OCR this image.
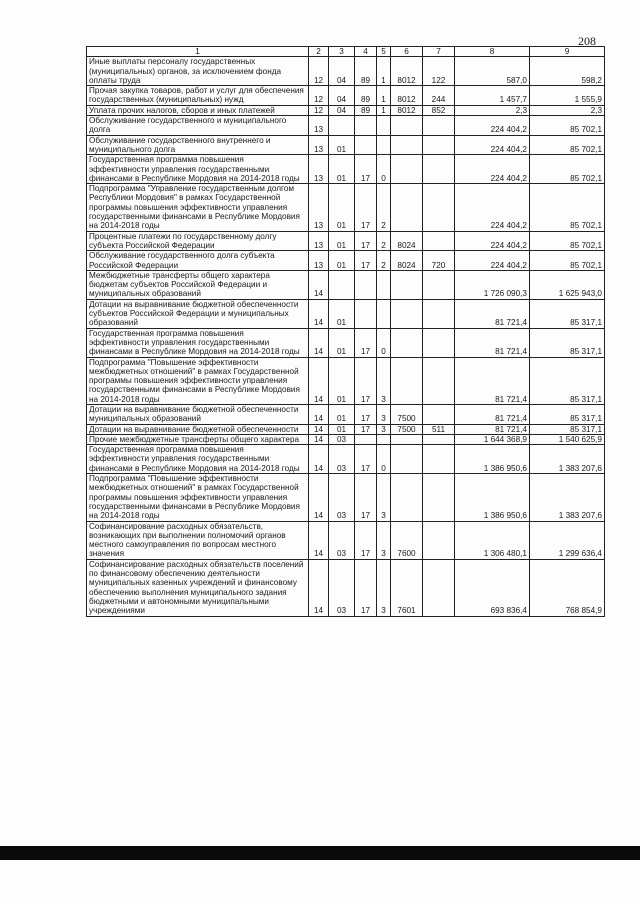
208
1	2	3	4	5	6	7	8	9
Иные выплаты персоналу государственных (муниципальных) органов, за исключением фонда оплаты труда	12	04	89	1	8012	122	587,0	598,2
Прочая закупка товаров, работ и услуг для обеспечения государственных (муниципальных) нужд	12	04	89	1	8012	244	1 457,7	1 555,9
Уплата прочих налогов, сборов и иных платежей	12	04	89	1	8012	852	2,3	2,3
Обслуживание государственного и муниципального долга	13						224 404,2	85 702,1
Обслуживание государственного внутреннего и муниципального долга	13	01					224 404,2	85 702,1
Государственная программа повышения эффективности управления государственными финансами в Республике Мордовия на 2014-2018 годы	13	01	17	0			224 404,2	85 702,1
Подпрограмма "Управление государственным долгом Республики Мордовия" в рамках Государственной программы повышения эффективности управления государственными финансами в Республике Мордовия на 2014-2018 годы	13	01	17	2			224 404,2	85 702,1
Процентные платежи по государственному долгу субъекта Российской Федерации	13	01	17	2	8024		224 404,2	85 702,1
Обслуживание государственного долга субъекта Российской Федерации	13	01	17	2	8024	720	224 404,2	85 702,1
Межбюджетные трансферты общего характера бюджетам субъектов Российской Федерации и муниципальных образований	14						1 726 090,3	1 625 943,0
Дотации на выравнивание бюджетной обеспеченности субъектов Российской Федерации и муниципальных образований	14	01					81 721,4	85 317,1
Государственная программа повышения эффективности управления государственными финансами в Республике Мордовия на 2014-2018 годы	14	01	17	0			81 721,4	85 317,1
Подпрограмма "Повышение эффективности межбюджетных отношений" в рамках Государственной программы повышения эффективности управления государственными финансами в Республике Мордовия на 2014-2018 годы	14	01	17	3			81 721,4	85 317,1
Дотации на выравнивание бюджетной обеспеченности муниципальных образований	14	01	17	3	7500		81 721,4	85 317,1
Дотации на выравнивание бюджетной обеспеченности	14	01	17	3	7500	511	81 721,4	85 317,1
Прочие межбюджетные трансферты общего характера	14	03					1 644 368,9	1 540 625,9
Государственная программа повышения эффективности управления государственными финансами в Республике Мордовия на 2014-2018 годы	14	03	17	0			1 386 950,6	1 383 207,6
Подпрограмма "Повышение эффективности межбюджетных отношений" в рамках Государственной программы повышения эффективности управления государственными финансами в Республике Мордовия на 2014-2018 годы	14	03	17	3			1 386 950,6	1 383 207,6
Софинансирование расходных обязательств, возникающих при выполнении полномочий органов местного самоуправления по вопросам местного значения	14	03	17	3	7600		1 306 480,1	1 299 636,4
Софинансирование расходных обязательств поселений по финансовому обеспечению деятельности муниципальных казенных учреждений и финансовому обеспечению выполнения муниципального задания бюджетными и автономными муниципальными учреждениями	14	03	17	3	7601		693 836,4	768 854,9
